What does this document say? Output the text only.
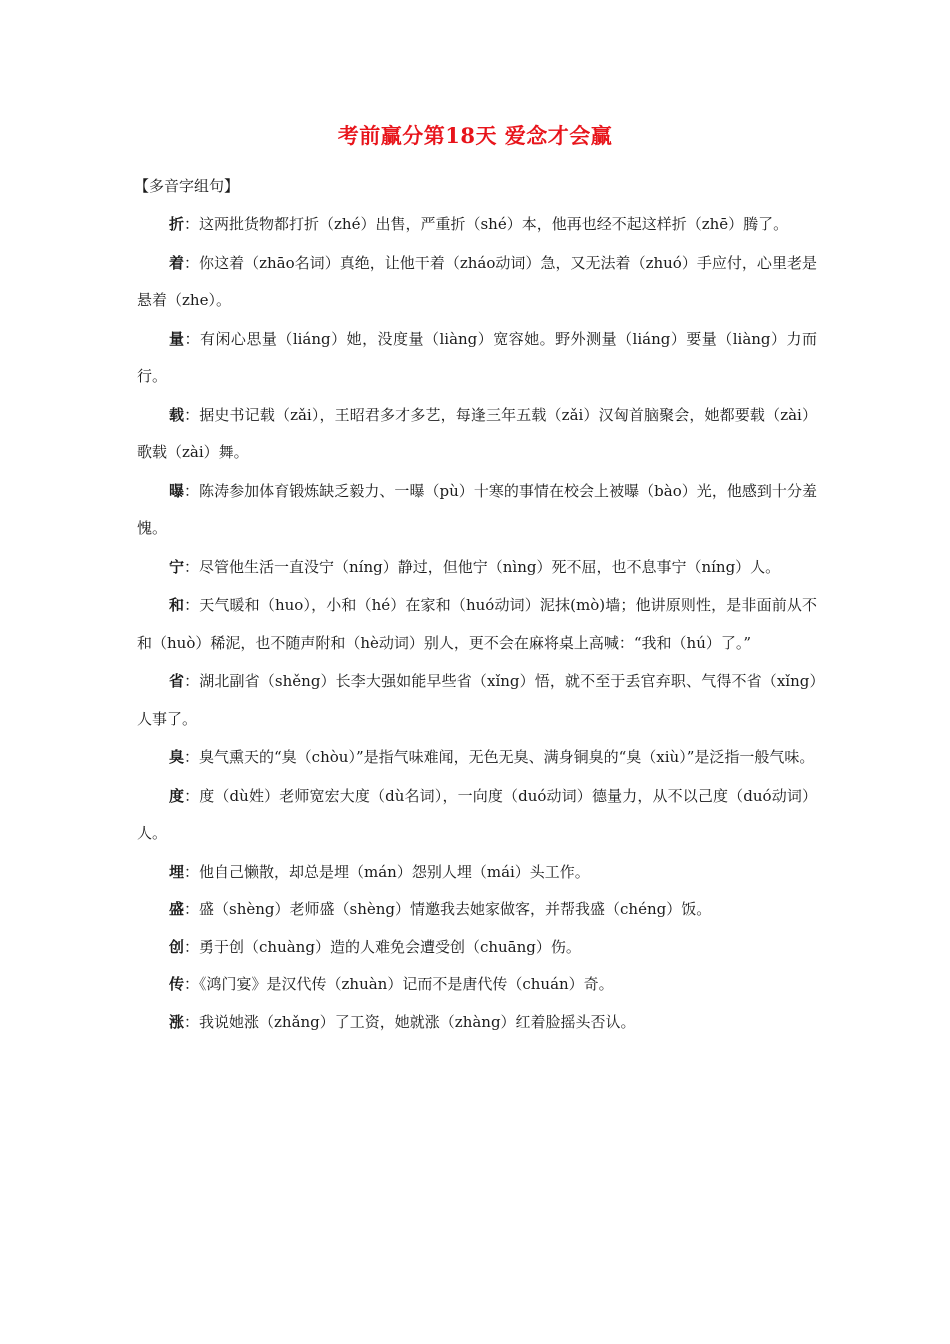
考前赢分第18天 爱念才会赢

【多音字组句】

折：这两批货物都打折（zhé）出售，严重折（shé）本，他再也经不起这样折（zhē）腾了。

着：你这着（zhāo名词）真绝，让他干着（zháo动词）急，又无法着（zhuó）手应付，心里老是悬着（zhe）。

量：有闲心思量（liáng）她，没度量（liàng）宽容她。野外测量（liáng）要量（liàng）力而行。

载：据史书记载（zǎi），王昭君多才多艺，每逢三年五载（zǎi）汉匈首脑聚会，她都要载（zài）歌载（zài）舞。

曝：陈涛参加体育锻炼缺乏毅力、一曝（pù）十寒的事情在校会上被曝（bào）光，他感到十分羞愧。

宁：尽管他生活一直没宁（níng）静过，但他宁（nìng）死不屈，也不息事宁（níng）人。

和：天气暖和（huo），小和（hé）在家和（huó动词）泥抹(mò)墙；他讲原则性，是非面前从不和（huò）稀泥，也不随声附和（hè动词）别人，更不会在麻将桌上高喊：“我和（hú）了。”

省：湖北副省（shěng）长李大强如能早些省（xǐng）悟，就不至于丢官弃职、气得不省（xǐng）人事了。

臭：臭气熏天的“臭（chòu）”是指气味难闻，无色无臭、满身铜臭的“臭（xiù）”是泛指一般气味。

度：度（dù姓）老师宽宏大度（dù名词），一向度（duó动词）德量力，从不以己度（duó动词）人。

埋：他自己懒散，却总是埋（mán）怨别人埋（mái）头工作。

盛：盛（shèng）老师盛（shèng）情邀我去她家做客，并帮我盛（chéng）饭。

创：勇于创（chuàng）造的人难免会遭受创（chuāng）伤。

传：《鸿门宴》是汉代传（zhuàn）记而不是唐代传（chuán）奇。

涨：我说她涨（zhǎng）了工资，她就涨（zhàng）红着脸摇头否认。
